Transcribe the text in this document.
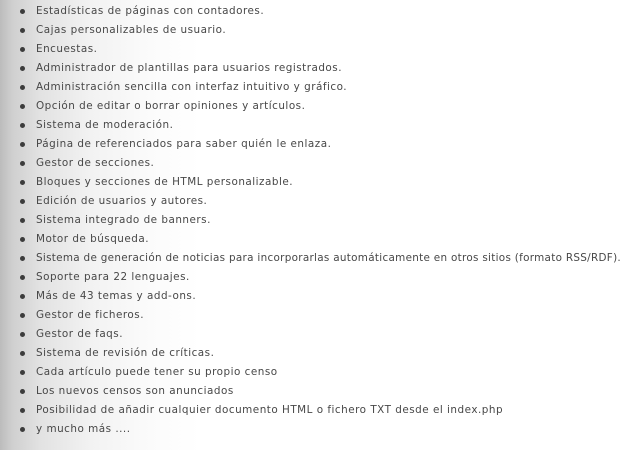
Estadísticas de páginas con contadores.
Cajas personalizables de usuario.
Encuestas.
Administrador de plantillas para usuarios registrados.
Administración sencilla con interfaz intuitivo y gráfico.
Opción de editar o borrar opiniones y artículos.
Sistema de moderación.
Página de referenciados para saber quién le enlaza.
Gestor de secciones.
Bloques y secciones de HTML personalizable.
Edición de usuarios y autores.
Sistema integrado de banners.
Motor de búsqueda.
Sistema de generación de noticias para incorporarlas automáticamente en otros sitios (formato RSS/RDF).
Soporte para 22 lenguajes.
Más de 43 temas y add-ons.
Gestor de ficheros.
Gestor de faqs.
Sistema de revisión de críticas.
Cada artículo puede tener su propio censo
Los nuevos censos son anunciados
Posibilidad de añadir cualquier documento HTML o fichero TXT desde el index.php
y mucho más ....
